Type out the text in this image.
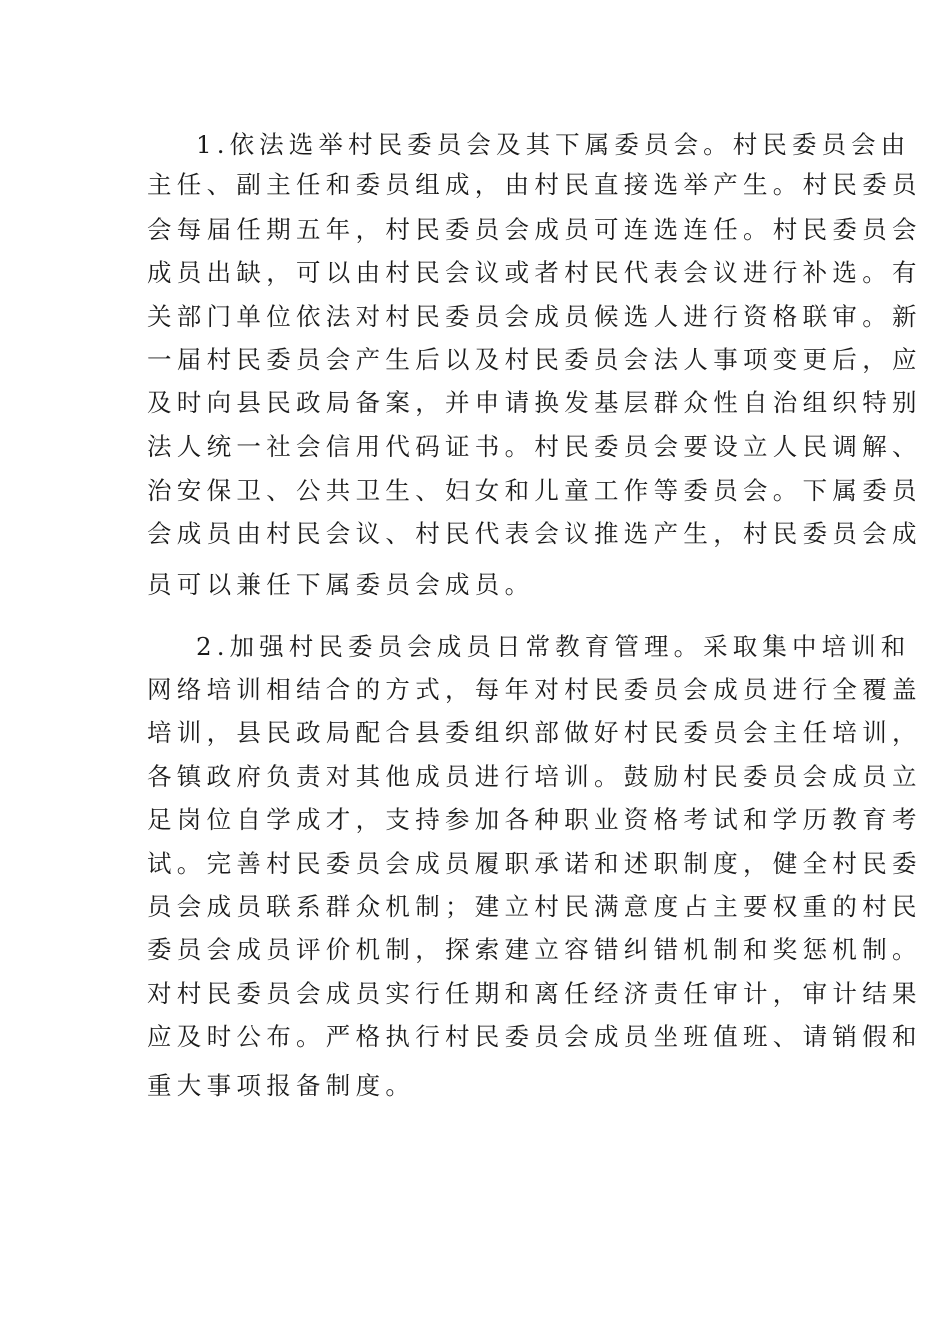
1.依法选举村民委员会及其下属委员会。村民委员会由
主任、副主任和委员组成，由村民直接选举产生。村民委员
会每届任期五年，村民委员会成员可连选连任。村民委员会
成员出缺，可以由村民会议或者村民代表会议进行补选。有
关部门单位依法对村民委员会成员候选人进行资格联审。新
一届村民委员会产生后以及村民委员会法人事项变更后，应
及时向县民政局备案，并申请换发基层群众性自治组织特别
法人统一社会信用代码证书。村民委员会要设立人民调解、
治安保卫、公共卫生、妇女和儿童工作等委员会。下属委员
会成员由村民会议、村民代表会议推选产生，村民委员会成
员可以兼任下属委员会成员。
2.加强村民委员会成员日常教育管理。采取集中培训和
网络培训相结合的方式，每年对村民委员会成员进行全覆盖
培训，县民政局配合县委组织部做好村民委员会主任培训，
各镇政府负责对其他成员进行培训。鼓励村民委员会成员立
足岗位自学成才，支持参加各种职业资格考试和学历教育考
试。完善村民委员会成员履职承诺和述职制度，健全村民委
员会成员联系群众机制；建立村民满意度占主要权重的村民
委员会成员评价机制，探索建立容错纠错机制和奖惩机制。
对村民委员会成员实行任期和离任经济责任审计，审计结果
应及时公布。严格执行村民委员会成员坐班值班、请销假和
重大事项报备制度。
